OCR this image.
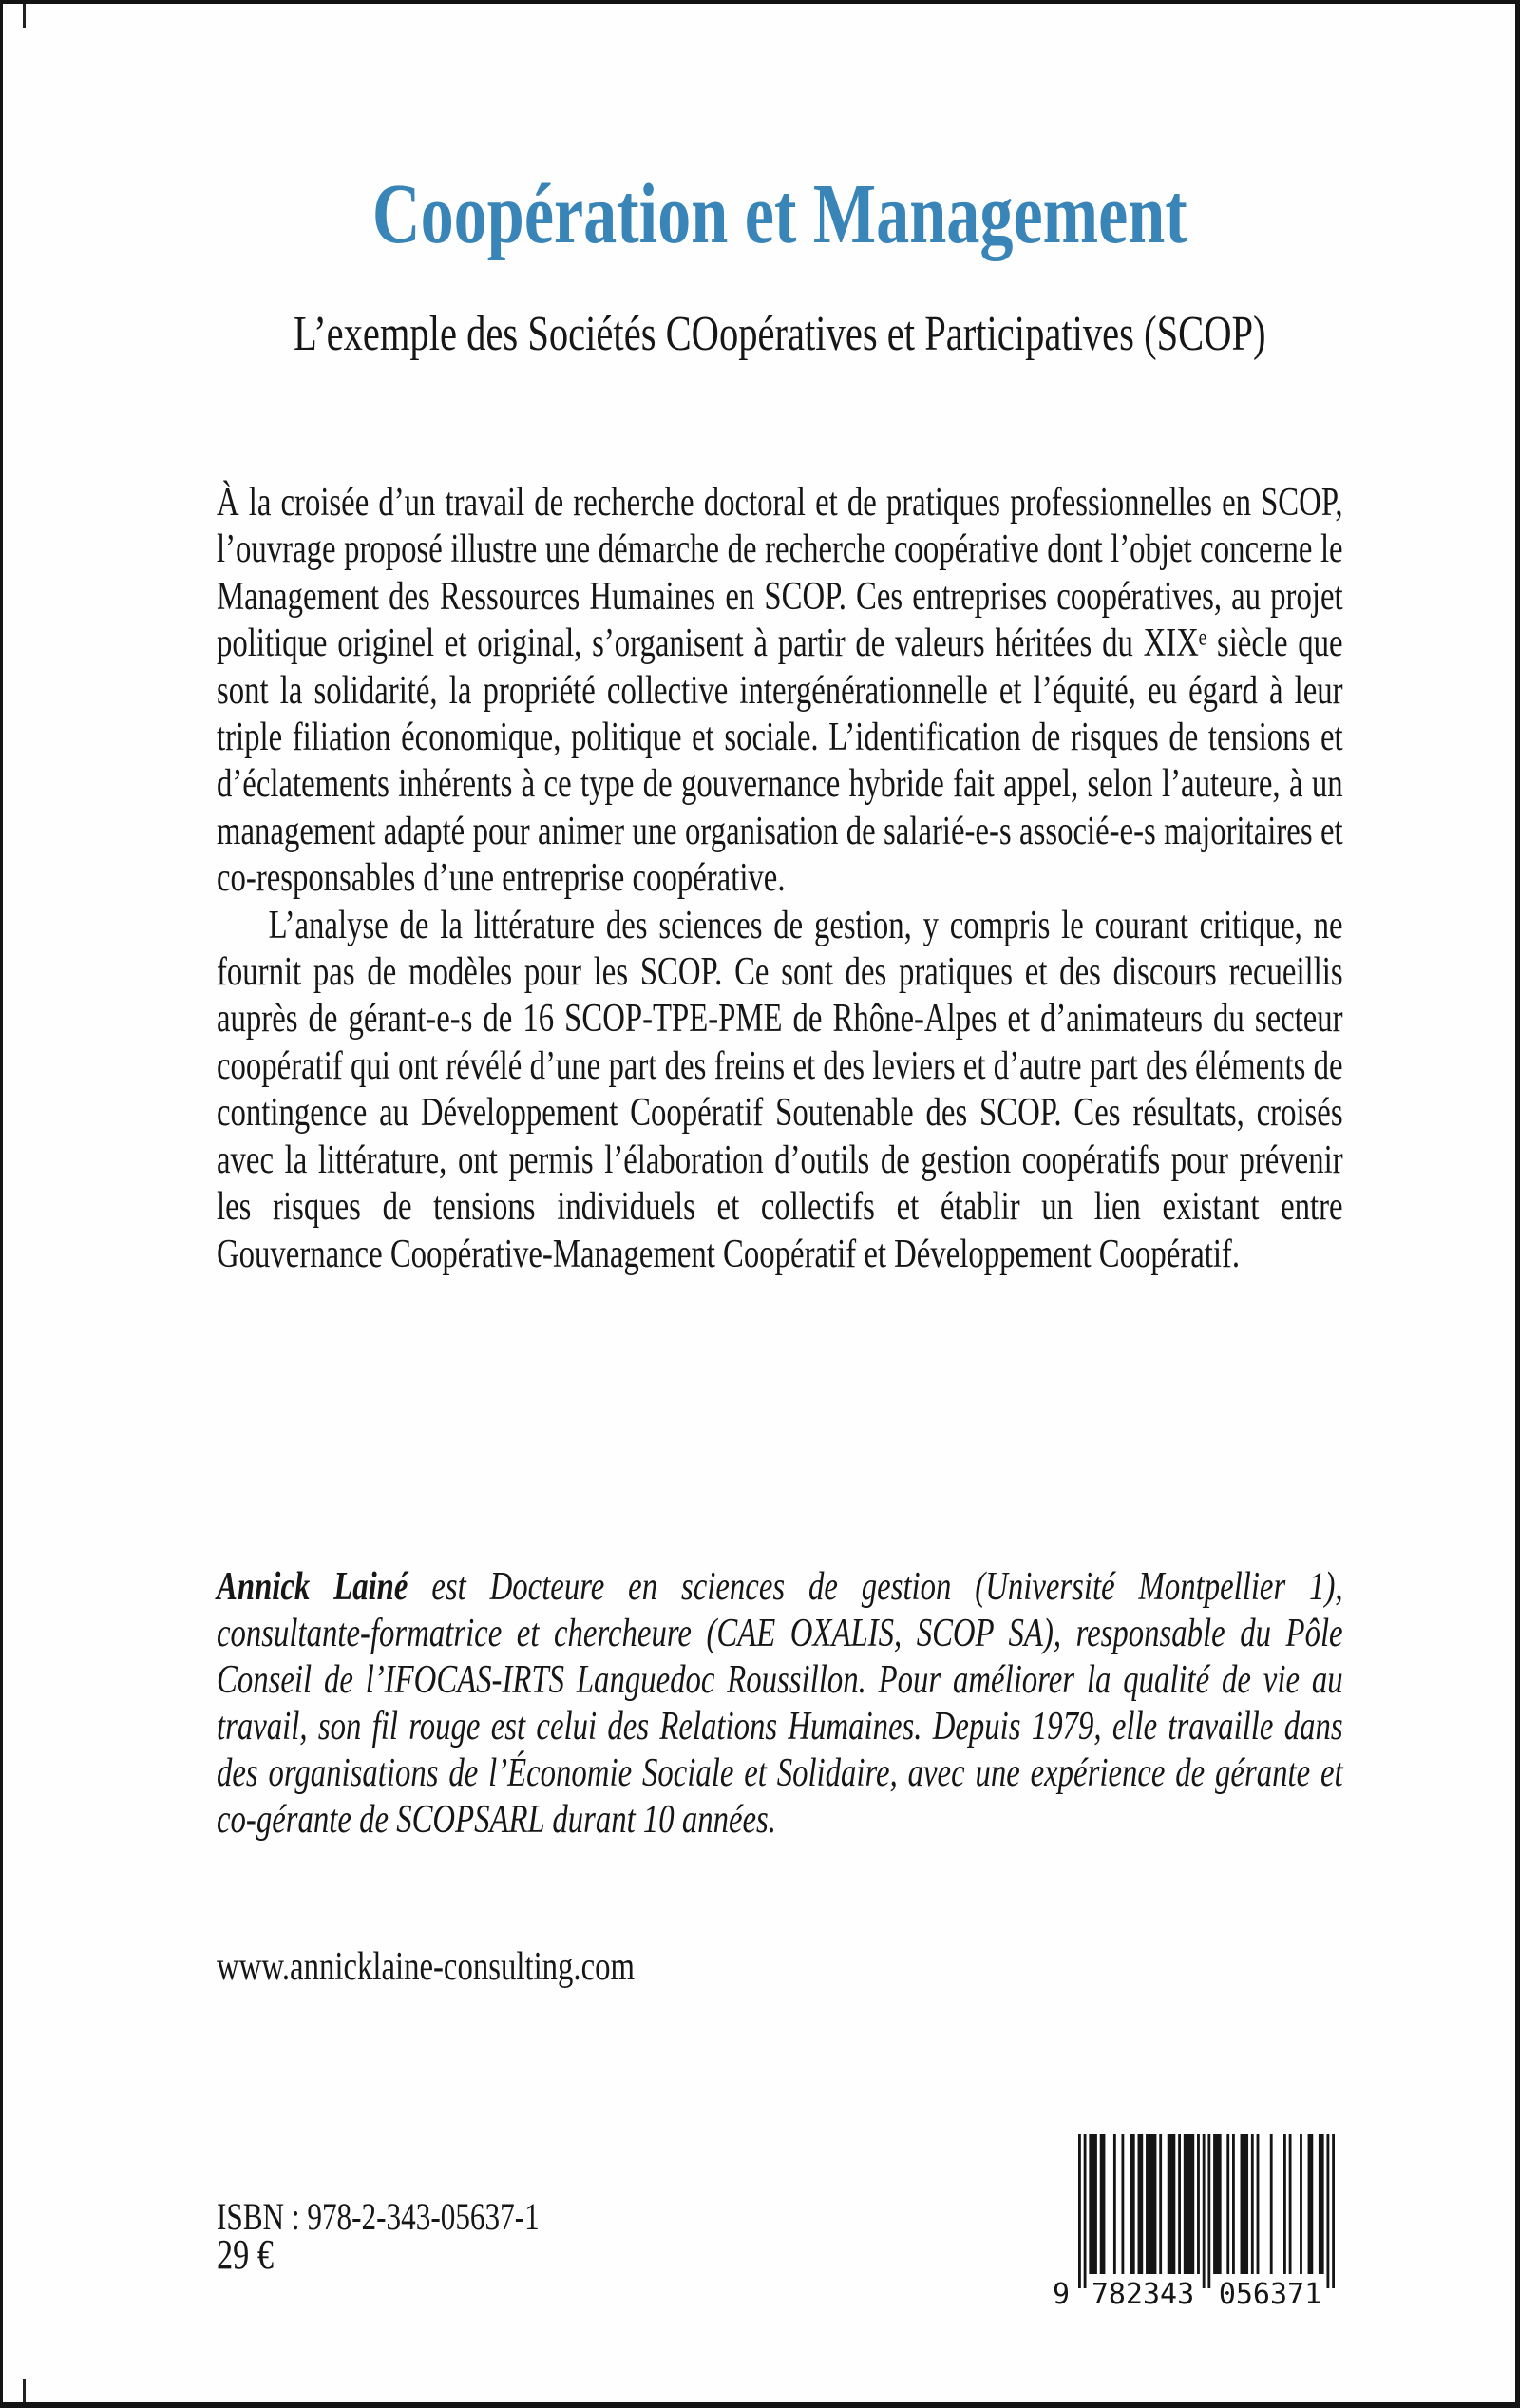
Coopération et Management
L’exemple des Sociétés COopératives et Participatives (SCOP)

À la croisée d’un travail de recherche doctoral et de pratiques professionnelles en SCOP, l’ouvrage proposé illustre une démarche de recherche coopérative dont l’objet concerne le Management des Ressources Humaines en SCOP. Ces entreprises coopératives, au projet politique originel et original, s’organisent à partir de valeurs héritées du XIXᵉ siècle que sont la solidarité, la propriété collective intergénérationnelle et l’équité, eu égard à leur triple filiation économique, politique et sociale. L’identification de risques de tensions et d’éclatements inhérents à ce type de gouvernance hybride fait appel, selon l’auteure, à un management adapté pour animer une organisation de salarié-e-s associé-e-s majoritaires et co-responsables d’une entreprise coopérative.

L’analyse de la littérature des sciences de gestion, y compris le courant critique, ne fournit pas de modèles pour les SCOP. Ce sont des pratiques et des discours recueillis auprès de gérant-e-s de 16 SCOP-TPE-PME de Rhône-Alpes et d’animateurs du secteur coopératif qui ont révélé d’une part des freins et des leviers et d’autre part des éléments de contingence au Développement Coopératif Soutenable des SCOP. Ces résultats, croisés avec la littérature, ont permis l’élaboration d’outils de gestion coopératifs pour prévenir les risques de tensions individuels et collectifs et établir un lien existant entre Gouvernance Coopérative-Management Coopératif et Développement Coopératif.

Annick Lainé est Docteure en sciences de gestion (Université Montpellier 1), consultante-formatrice et chercheure (CAE OXALIS, SCOP SA), responsable du Pôle Conseil de l’IFOCAS-IRTS Languedoc Roussillon. Pour améliorer la qualité de vie au travail, son fil rouge est celui des Relations Humaines. Depuis 1979, elle travaille dans des organisations de l’Économie Sociale et Solidaire, avec une expérience de gérante et co-gérante de SCOPSARL durant 10 années.

www.annicklaine-consulting.com
ISBN : 978-2-343-05637-1
29 €
9 782343 056371
